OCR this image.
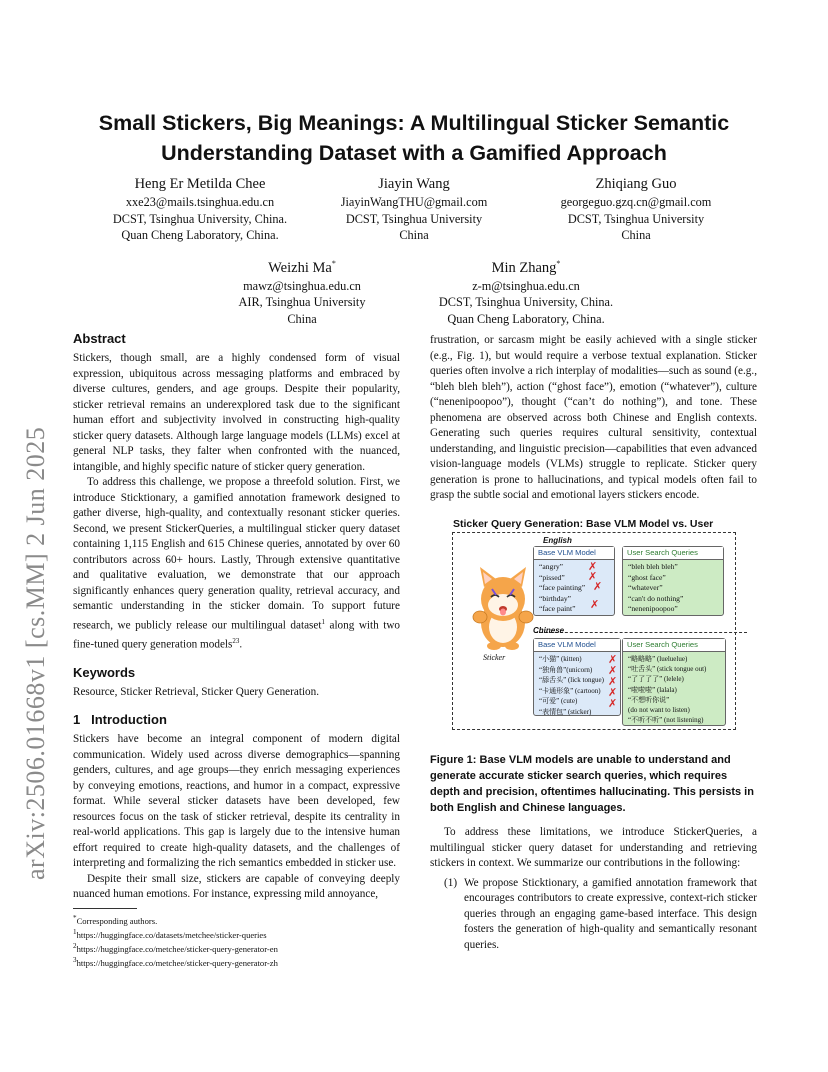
arXiv:2506.01668v1 [cs.MM] 2 Jun 2025
Small Stickers, Big Meanings: A Multilingual Sticker Semantic
Understanding Dataset with a Gamified Approach
Heng Er Metilda Chee
xxe23@mails.tsinghua.edu.cn
DCST, Tsinghua University, China.
Quan Cheng Laboratory, China.
Jiayin Wang
JiayinWangTHU@gmail.com
DCST, Tsinghua University
China
Zhiqiang Guo
georgeguo.gzq.cn@gmail.com
DCST, Tsinghua University
China
Weizhi Ma*
mawz@tsinghua.edu.cn
AIR, Tsinghua University
China
Min Zhang*
z-m@tsinghua.edu.cn
DCST, Tsinghua University, China.
Quan Cheng Laboratory, China.
Abstract

Stickers, though small, are a highly condensed form of visual expression, ubiquitous across messaging platforms and embraced by diverse cultures, genders, and age groups. Despite their popularity, sticker retrieval remains an underexplored task due to the significant human effort and subjectivity involved in constructing high-quality sticker query datasets. Although large language models (LLMs) excel at general NLP tasks, they falter when confronted with the nuanced, intangible, and highly specific nature of sticker query generation.

To address this challenge, we propose a threefold solution. First, we introduce Sticktionary, a gamified annotation framework designed to gather diverse, high-quality, and contextually resonant sticker queries. Second, we present StickerQueries, a multilingual sticker query dataset containing 1,115 English and 615 Chinese queries, annotated by over 60 contributors across 60+ hours. Lastly, Through extensive quantitative and qualitative evaluation, we demonstrate that our approach significantly enhances query generation quality, retrieval accuracy, and semantic understanding in the sticker domain. To support future research, we publicly release our multilingual dataset$^1$ along with two fine-tuned query generation models$^{23}$.

Keywords

Resource, Sticker Retrieval, Sticker Query Generation.

1 Introduction

Stickers have become an integral component of modern digital communication. Widely used across diverse demographics—spanning genders, cultures, and age groups—they enrich messaging experiences by conveying emotions, reactions, and humor in a compact, expressive format. While several sticker datasets have been developed, few resources focus on the task of sticker retrieval, despite its centrality in real-world applications. This gap is largely due to the intensive human effort required to create high-quality datasets, and the challenges of interpreting and formalizing the rich semantics embedded in sticker use.

Despite their small size, stickers are capable of conveying deeply nuanced human emotions. For instance, expressing mild annoyance,

*Corresponding authors.
$^1$https://huggingface.co/datasets/metchee/sticker-queries
$^2$https://huggingface.co/metchee/sticker-query-generator-en
$^3$https://huggingface.co/metchee/sticker-query-generator-zh

frustration, or sarcasm might be easily achieved with a single sticker (e.g., Fig. 1), but would require a verbose textual explanation. Sticker queries often involve a rich interplay of modalities—such as sound (e.g., “bleh bleh bleh”), action (“ghost face”), emotion (“whatever”), culture (“nenenipoopoo”), thought (“can’t do nothing”), and tone. These phenomena are observed across both Chinese and English contexts. Generating such queries requires cultural sensitivity, contextual understanding, and linguistic precision—capabilities that even advanced vision-language models (VLMs) struggle to replicate. Sticker query generation is prone to hallucinations, and typical models often fail to grasp the subtle social and emotional layers stickers encode.

Sticker Query Generation: Base VLM Model vs. User
Sticker
English
Base VLM Model
“angry”
“pissed”
“face painting”
“birthday”
“face paint”
✗
✗
✗
✗
User Search Queries
“bleh bleh bleh”
“ghost face”
“whatever”
“can't do nothing”
“nenenipoopoo”
Chinese
Base VLM Model
“小猫” (kitten)
“独角兽”(unicorn)
“舔舌头” (lick tongue)
“卡通形象” (cartoon)
“可爱” (cute)
“表情包” (sticker)
✗
✗
✗
✗
✗
User Search Queries
“略略略” (lueluelue)
“吐舌头” (stick tongue out)
“了了了了” (lelele)
“啦啦啦” (lalala)
“不想听你说”
(do not want to listen)
“不听不听” (not listening)
Figure 1: Base VLM models are unable to understand and generate accurate sticker search queries, which requires depth and precision, oftentimes hallucinating. This persists in both English and Chinese languages.

To address these limitations, we introduce StickerQueries, a multilingual sticker query dataset for understanding and retrieving stickers in context. We summarize our contributions in the following:

(1) We propose Sticktionary, a gamified annotation framework that encourages contributors to create expressive, context-rich sticker queries through an engaging game-based interface. This design fosters the generation of high-quality and semantically resonant queries.
